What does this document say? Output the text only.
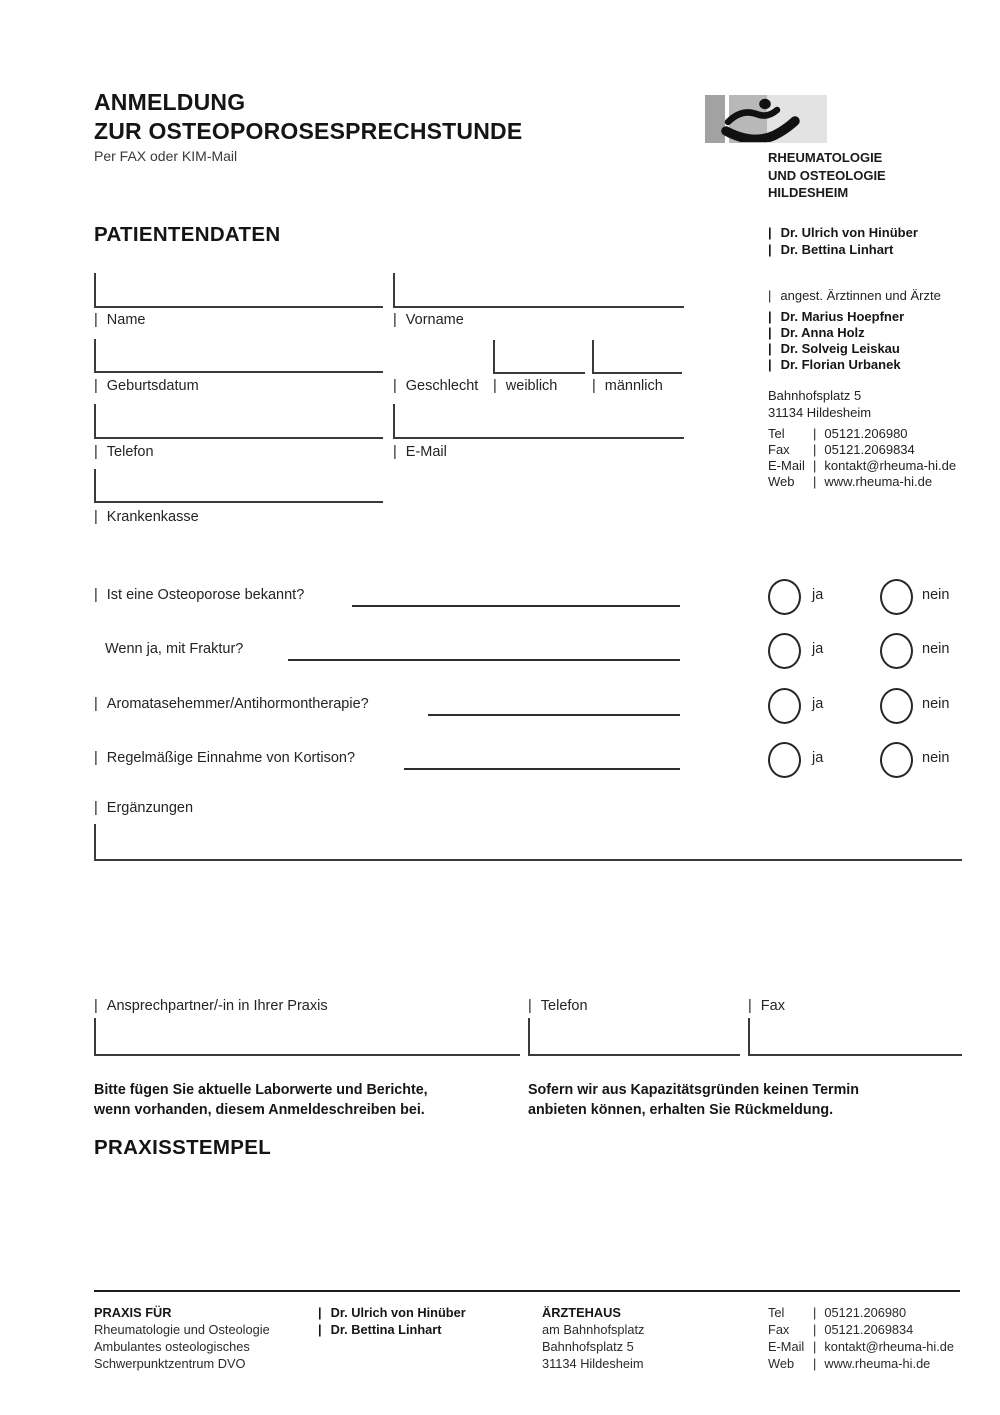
ANMELDUNG
ZUR OSTEOPOROSESPRECHSTUNDE
Per FAX oder KIM-Mail	RHEUMATOLOGIE
UND OSTEOLOGIE
HILDESHEIM
| Dr. Ulrich von Hinüber
| Dr. Bettina Linhart
| angest. Ärztinnen und Ärzte
| Dr. Marius Hoepfner
| Dr. Anna Holz
| Dr. Solveig Leiskau
| Dr. Florian Urbanek
Bahnhofsplatz 5
31134 Hildesheim
Tel	| 05121.206980
Fax	| 05121.2069834
E-Mail | kontakt@rheuma-hi.de
Web | www.rheuma-hi.de
PATIENTENDATEN
| Name	| Vorname
| Geburtsdatum	| Geschlecht	| weiblich	| männlich
| Telefon	| E-Mail
| Krankenkasse
| Ist eine Osteoporose bekannt?	ja	nein
Wenn ja, mit Fraktur?	ja	nein
| Aromatasehemmer/Antihormontherapie?	ja	nein
| Regelmäßige Einnahme von Kortison?	ja	nein
| Ergänzungen
| Ansprechpartner/-in in Ihrer Praxis	| Telefon	| Fax
Bitte fügen Sie aktuelle Laborwerte und Berichte,
wenn vorhanden, diesem Anmeldeschreiben bei.
Sofern wir aus Kapazitätsgründen keinen Termin
anbieten können, erhalten Sie Rückmeldung.
PRAXISSTEMPEL
PRAXIS FÜR
Rheumatologie und Osteologie
Ambulantes osteologisches
Schwerpunktzentrum DVO
| Dr. Ulrich von Hinüber
| Dr. Bettina Linhart
ÄRZTEHAUS
am Bahnhofsplatz
Bahnhofsplatz 5
31134 Hildesheim
Tel	| 05121.206980
Fax	| 05121.2069834
E-Mail | kontakt@rheuma-hi.de
Web | www.rheuma-hi.de
